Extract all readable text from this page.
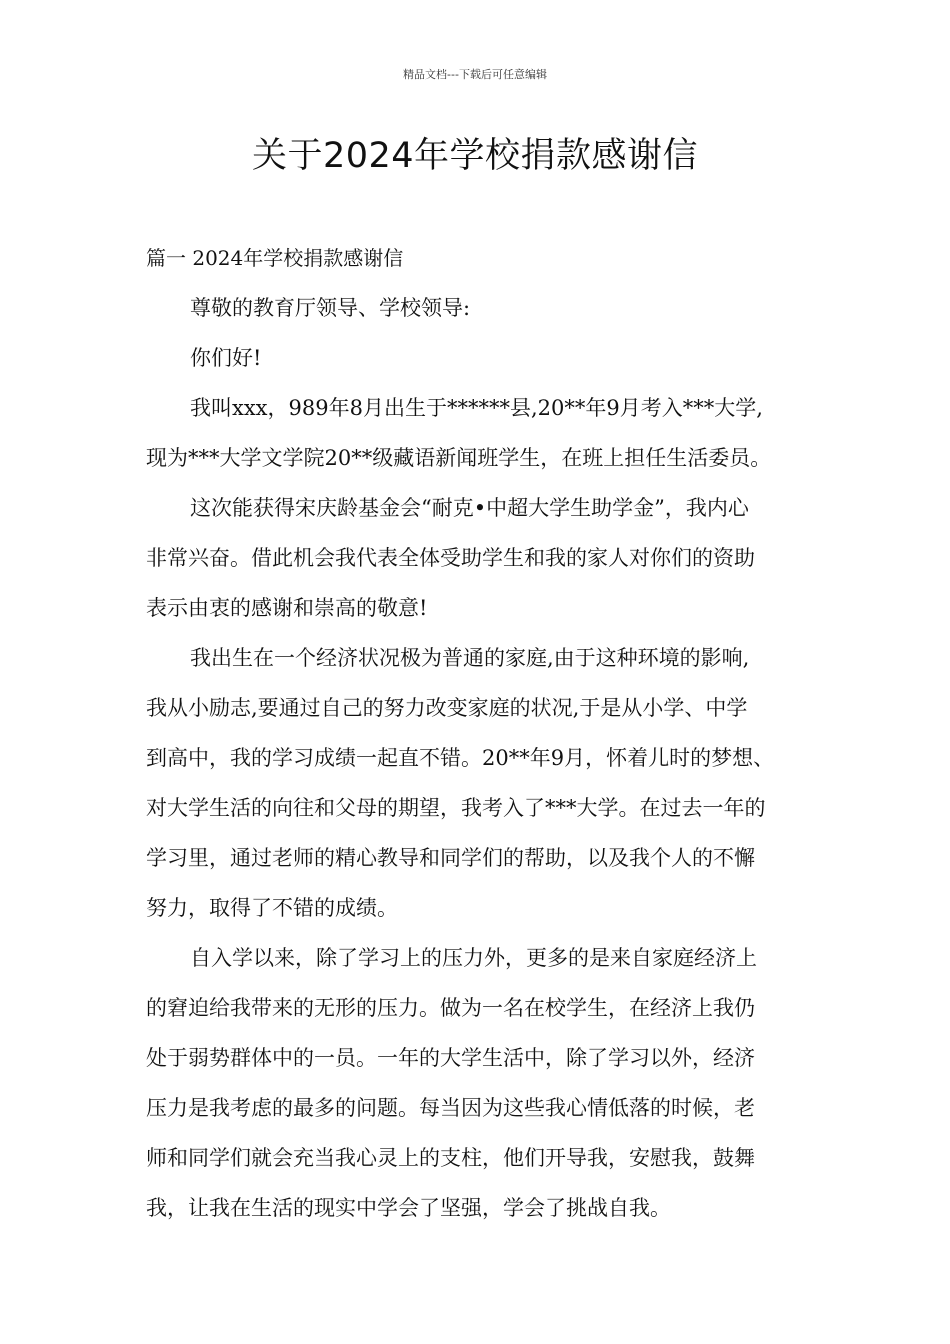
精品文档---下载后可任意编辑
关于2024年学校捐款感谢信
篇一 2024年学校捐款感谢信
尊敬的教育厅领导、学校领导:
你们好!
我叫xxx，989年8月出生于******县,20**年9月考入***大学,
现为***大学文学院20**级藏语新闻班学生，在班上担任生活委员。
这次能获得宋庆龄基金会“耐克•中超大学生助学金”，我内心
非常兴奋。借此机会我代表全体受助学生和我的家人对你们的资助
表示由衷的感谢和崇高的敬意!
我出生在一个经济状况极为普通的家庭,由于这种环境的影响,
我从小励志,要通过自己的努力改变家庭的状况,于是从小学、中学
到高中，我的学习成绩一起直不错。20**年9月，怀着儿时的梦想、
对大学生活的向往和父母的期望，我考入了***大学。在过去一年的
学习里，通过老师的精心教导和同学们的帮助，以及我个人的不懈
努力，取得了不错的成绩。
自入学以来，除了学习上的压力外，更多的是来自家庭经济上
的窘迫给我带来的无形的压力。做为一名在校学生，在经济上我仍
处于弱势群体中的一员。一年的大学生活中，除了学习以外，经济
压力是我考虑的最多的问题。每当因为这些我心情低落的时候，老
师和同学们就会充当我心灵上的支柱，他们开导我，安慰我，鼓舞
我，让我在生活的现实中学会了坚强，学会了挑战自我。
